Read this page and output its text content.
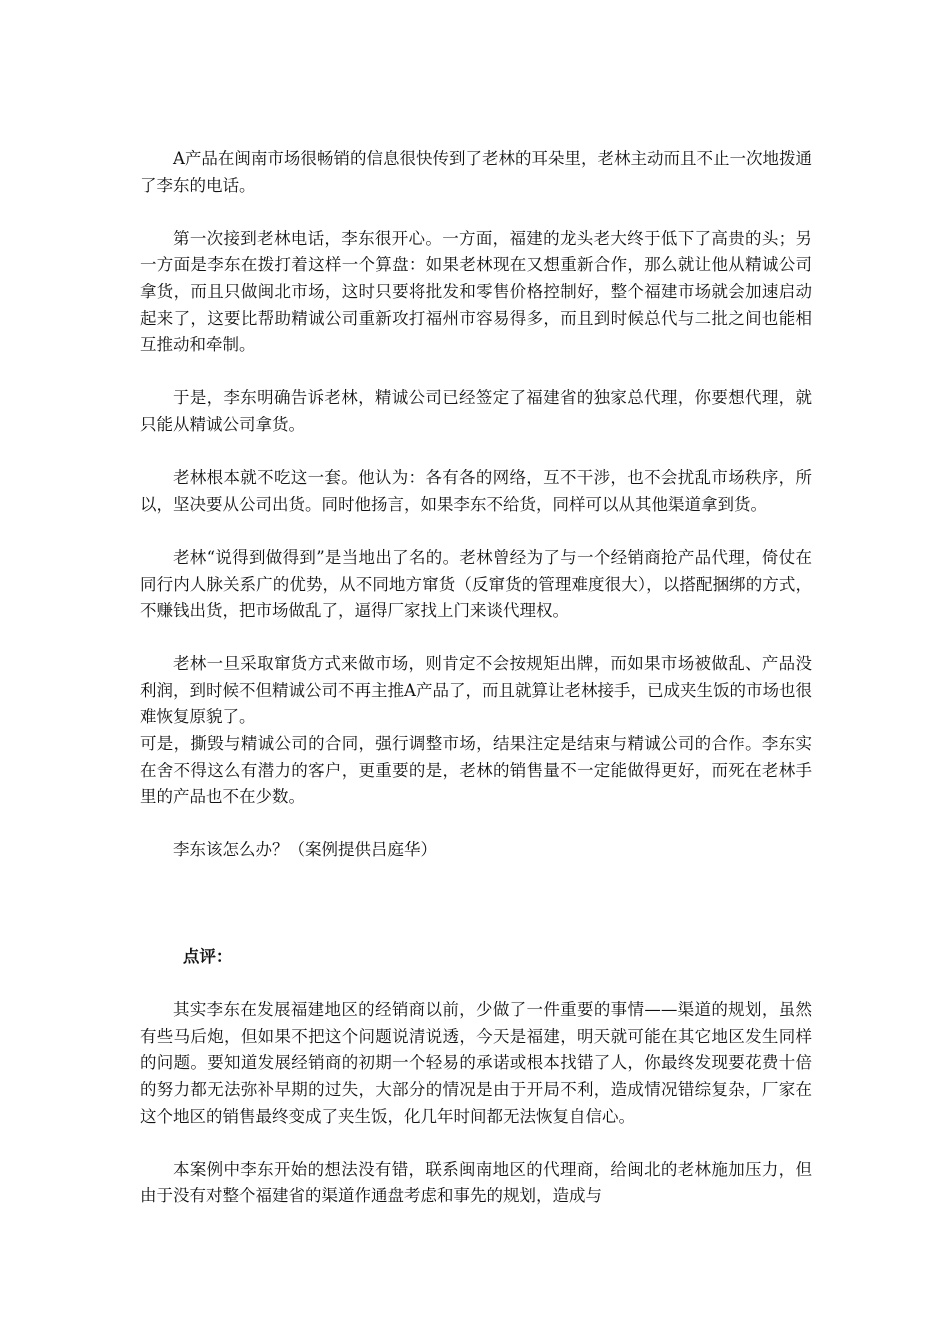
A产品在闽南市场很畅销的信息很快传到了老林的耳朵里，老林主动而且不止一次地拨通了李东的电话。

第一次接到老林电话，李东很开心。一方面，福建的龙头老大终于低下了高贵的头；另一方面是李东在拨打着这样一个算盘：如果老林现在又想重新合作，那么就让他从精诚公司拿货，而且只做闽北市场，这时只要将批发和零售价格控制好，整个福建市场就会加速启动起来了，这要比帮助精诚公司重新攻打福州市容易得多，而且到时候总代与二批之间也能相互推动和牵制。

于是，李东明确告诉老林，精诚公司已经签定了福建省的独家总代理，你要想代理，就只能从精诚公司拿货。

老林根本就不吃这一套。他认为：各有各的网络，互不干涉，也不会扰乱市场秩序，所以，坚决要从公司出货。同时他扬言，如果李东不给货，同样可以从其他渠道拿到货。

老林“说得到做得到”是当地出了名的。老林曾经为了与一个经销商抢产品代理，倚仗在同行内人脉关系广的优势，从不同地方窜货（反窜货的管理难度很大），以搭配捆绑的方式，不赚钱出货，把市场做乱了，逼得厂家找上门来谈代理权。

老林一旦采取窜货方式来做市场，则肯定不会按规矩出牌，而如果市场被做乱、产品没利润，到时候不但精诚公司不再主推A产品了，而且就算让老林接手，已成夹生饭的市场也很难恢复原貌了。

可是，撕毁与精诚公司的合同，强行调整市场，结果注定是结束与精诚公司的合作。李东实在舍不得这么有潜力的客户，更重要的是，老林的销售量不一定能做得更好，而死在老林手里的产品也不在少数。

李东该怎么办？（案例提供吕庭华）

点评：

其实李东在发展福建地区的经销商以前，少做了一件重要的事情——渠道的规划，虽然有些马后炮，但如果不把这个问题说清说透，今天是福建，明天就可能在其它地区发生同样的问题。要知道发展经销商的初期一个轻易的承诺或根本找错了人，你最终发现要花费十倍的努力都无法弥补早期的过失，大部分的情况是由于开局不利，造成情况错综复杂，厂家在这个地区的销售最终变成了夹生饭，化几年时间都无法恢复自信心。

本案例中李东开始的想法没有错，联系闽南地区的代理商，给闽北的老林施加压力，但由于没有对整个福建省的渠道作通盘考虑和事先的规划，造成与
